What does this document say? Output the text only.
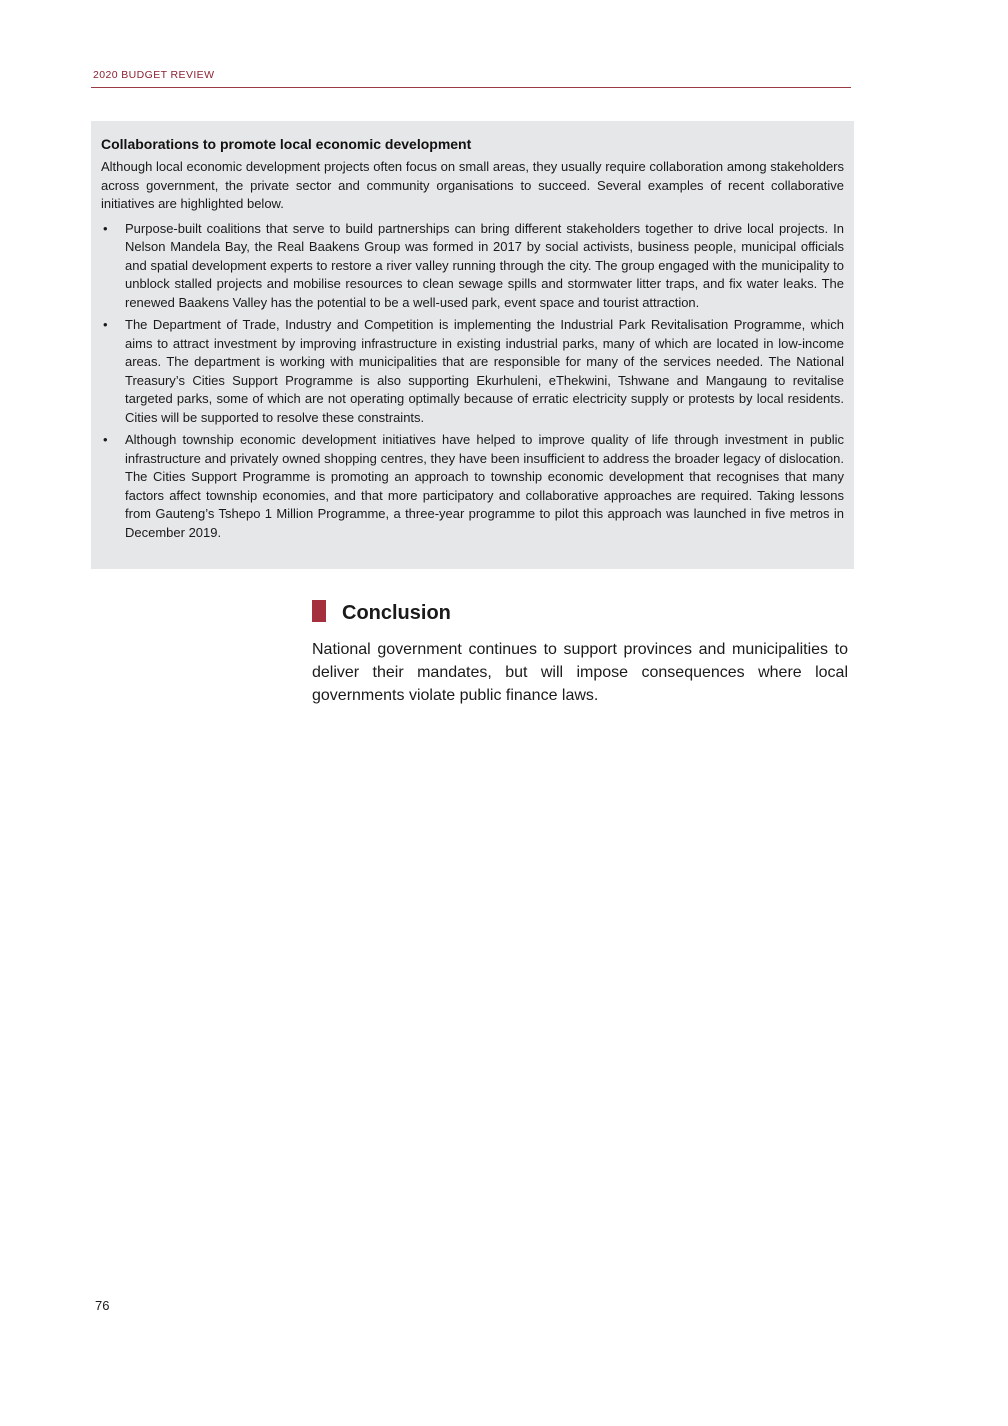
2020 BUDGET REVIEW
Collaborations to promote local economic development

Although local economic development projects often focus on small areas, they usually require collaboration among stakeholders across government, the private sector and community organisations to succeed. Several examples of recent collaborative initiatives are highlighted below.

• Purpose-built coalitions that serve to build partnerships can bring different stakeholders together to drive local projects. In Nelson Mandela Bay, the Real Baakens Group was formed in 2017 by social activists, business people, municipal officials and spatial development experts to restore a river valley running through the city. The group engaged with the municipality to unblock stalled projects and mobilise resources to clean sewage spills and stormwater litter traps, and fix water leaks. The renewed Baakens Valley has the potential to be a well-used park, event space and tourist attraction.
• The Department of Trade, Industry and Competition is implementing the Industrial Park Revitalisation Programme, which aims to attract investment by improving infrastructure in existing industrial parks, many of which are located in low-income areas. The department is working with municipalities that are responsible for many of the services needed. The National Treasury’s Cities Support Programme is also supporting Ekurhuleni, eThekwini, Tshwane and Mangaung to revitalise targeted parks, some of which are not operating optimally because of erratic electricity supply or protests by local residents. Cities will be supported to resolve these constraints.
• Although township economic development initiatives have helped to improve quality of life through investment in public infrastructure and privately owned shopping centres, they have been insufficient to address the broader legacy of dislocation. The Cities Support Programme is promoting an approach to township economic development that recognises that many factors affect township economies, and that more participatory and collaborative approaches are required. Taking lessons from Gauteng’s Tshepo 1 Million Programme, a three-year programme to pilot this approach was launched in five metros in December 2019.
Conclusion

National government continues to support provinces and municipalities to deliver their mandates, but will impose consequences where local governments violate public finance laws.

76
